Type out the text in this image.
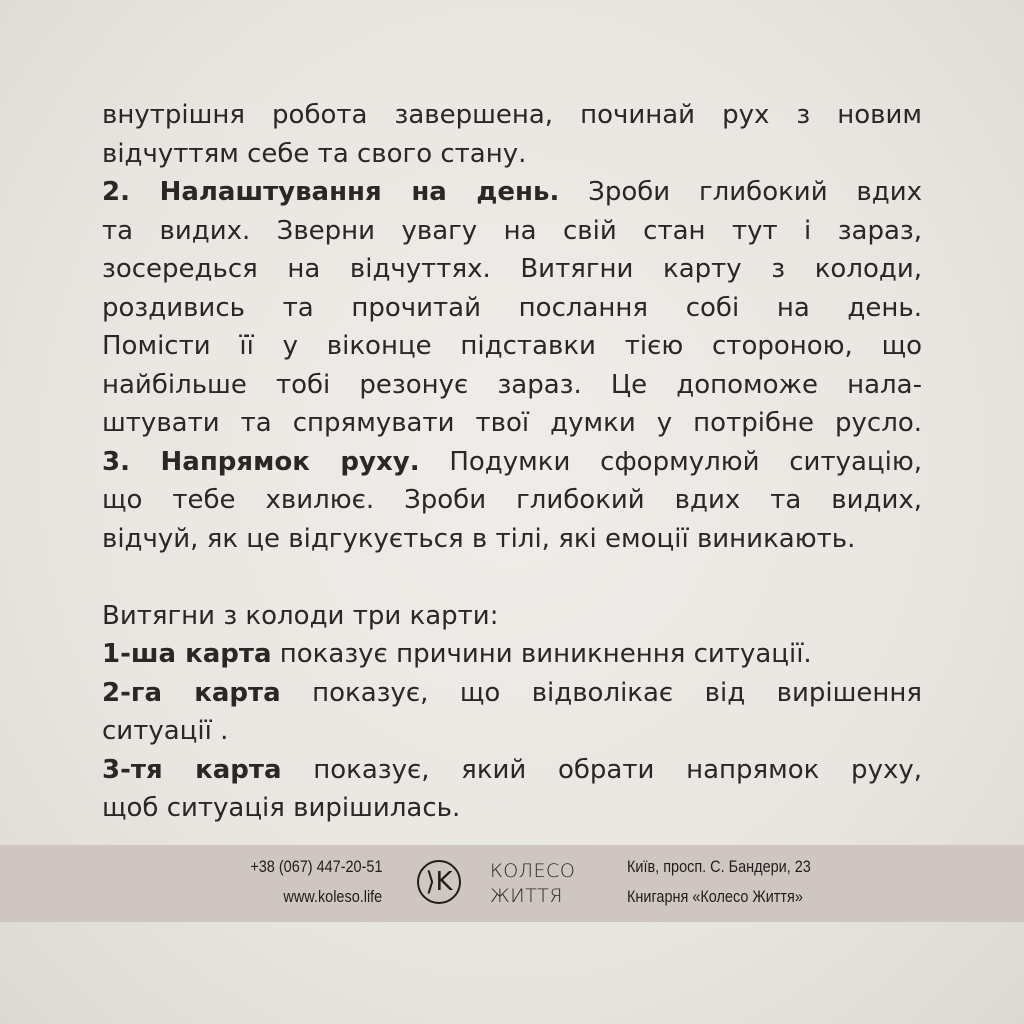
внутрішня робота завершена, починай рух з новим
відчуттям себе та свого стану.
2. Налаштування на день. Зроби глибокий вдих
та видих. Зверни увагу на свій стан тут і зараз,
зосередься на відчуттях. Витягни карту з колоди,
роздивись та прочитай послання собі на день.
Помісти її у віконце підставки тією стороною, що
найбільше тобі резонує зараз. Це допоможе нала-
штувати та спрямувати твої думки у потрібне русло.
3. Напрямок руху. Подумки сформулюй ситуацію,
що тебе хвилює. Зроби глибокий вдих та видих,
відчуй, як це відгукується в тілі, які емоції виникають.
Витягни з колоди три карти:
1-ша карта показує причини виникнення ситуації.
2-га карта показує, що відволікає від вирішення
ситуації .
3-тя карта показує, який обрати напрямок руху,
щоб ситуація вирішилась.
+38 (067) 447-20-51
www.koleso.life	⟩K	КОЛЕСО
ЖИТТЯ
Київ, просп. С. Бандери, 23
Книгарня «Колесо Життя»
